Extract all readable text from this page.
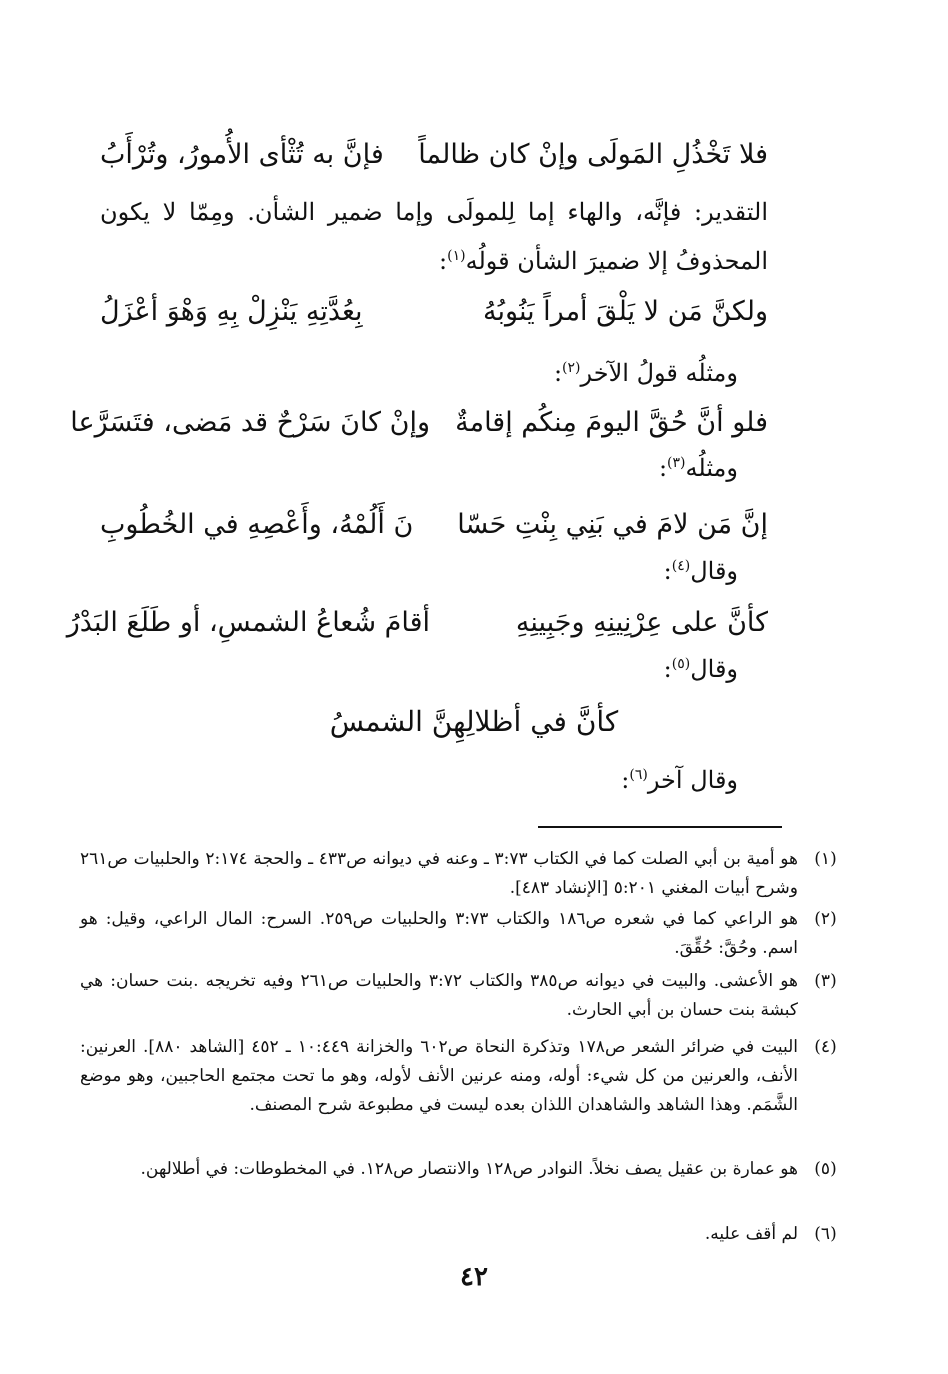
فلا تَخْذُلِ المَولَى وإنْ كان ظالماً
فإنَّ به تُثْأى الأُمورُ، وتُرْأَبُ
التقدير: فإنَّه، والهاء إما لِلمولَى وإما ضمير الشأن. ومِمّا لا يكون المحذوفُ إلا ضميرَ الشأن قولُه$^{(١)}$:
ولكنَّ مَن لا يَلْقَ أمراً يَنُوبُهُ
بِعُدَّتِهِ يَنْزِلْ بِهِ وَهْوَ أعْزَلُ
ومثلُه قولُ الآخر$^{(٢)}$:
فلو أنَّ حُقَّ اليومَ مِنكُم إقامةٌ
وإنْ كانَ سَرْحٌ قد مَضى، فتَسَرَّعا
ومثلُه$^{(٣)}$:
إنَّ مَن لامَ في بَنِي بِنْتِ حَسّا
نَ أَلُمْهُ، وأَعْصِهِ في الخُطُوبِ
وقال$^{(٤)}$:
كأنَّ على عِرْنِينِهِ وجَبِينِهِ
أقامَ شُعاعُ الشمسِ، أو طَلَعَ البَدْرُ
وقال$^{(٥)}$:
كأنَّ في أظلالِهِنَّ الشمسُ
وقال آخر$^{(٦)}$:
(١)
هو أمية بن أبي الصلت كما في الكتاب ٣:٧٣ ـ وعنه في ديوانه ص٤٣٣ ـ والحجة ٢:١٧٤ والحلبيات ص٢٦١ وشرح أبيات المغني ٥:٢٠١ [الإنشاد ٤٨٣].
(٢)
هو الراعي كما في شعره ص١٨٦ والكتاب ٣:٧٣ والحلبيات ص٢٥٩. السرح: المال الراعي، وقيل: هو اسم. وحُقَّ: حُقِّقَ.
(٣)
هو الأعشى. والبيت في ديوانه ص٣٨٥ والكتاب ٣:٧٢ والحلبيات ص٢٦١ وفيه تخريجه .بنت حسان: هي كبشة بنت حسان بن أبي الحارث.
(٤)
البيت في ضرائر الشعر ص١٧٨ وتذكرة النحاة ص٦٠٢ والخزانة ١٠:٤٤٩ ـ ٤٥٢ [الشاهد ٨٨٠]. العرنين: الأنف، والعرنين من كل شيء: أوله، ومنه عرنين الأنف لأوله، وهو ما تحت مجتمع الحاجبين، وهو موضع الشَّمَم. وهذا الشاهد والشاهدان اللذان بعده ليست في مطبوعة شرح المصنف.
(٥)
هو عمارة بن عقيل يصف نخلاً. النوادر ص١٢٨ والانتصار ص١٢٨. في المخطوطات: في أطلالهن.
(٦)
لم أقف عليه.
٤٢
